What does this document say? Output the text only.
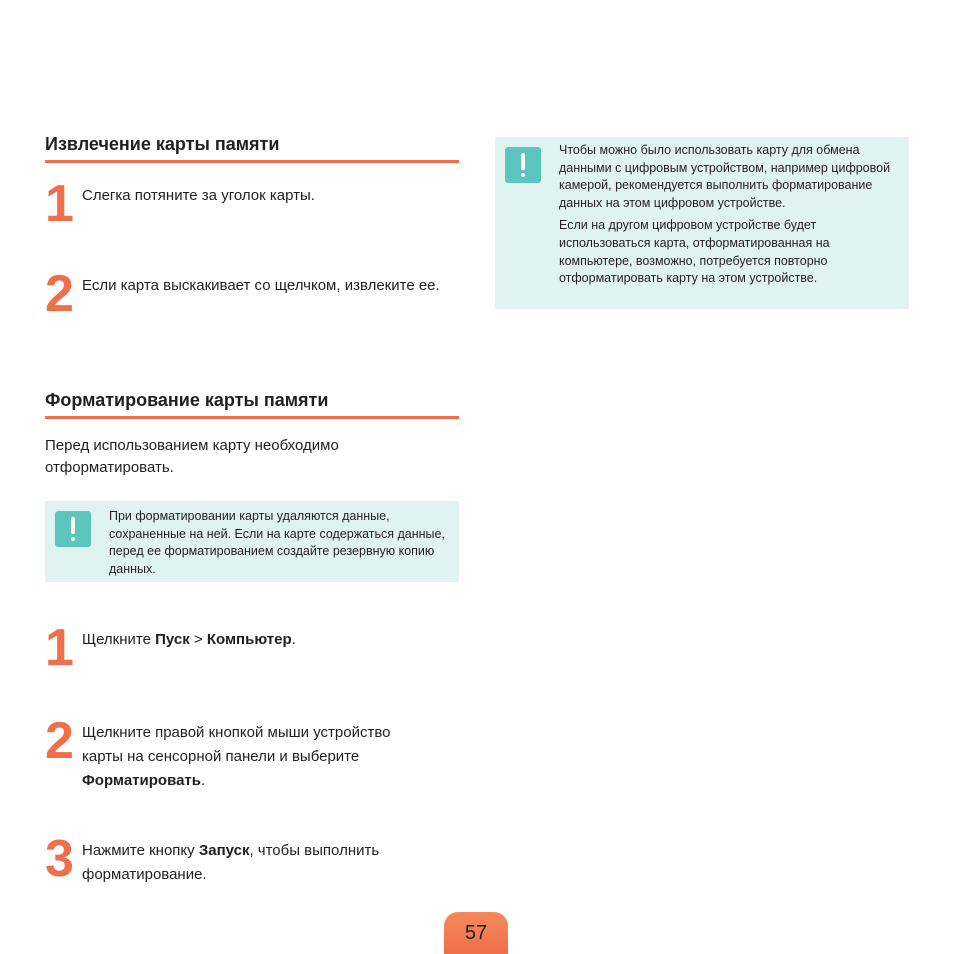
Извлечение карты памяти
1 Слегка потяните за уголок карты.
2 Если карта выскакивает со щелчком, извлеките ее.
Форматирование карты памяти
Перед использованием карту необходимо отформатировать.
При форматировании карты удаляются данные, сохраненные на ней. Если на карте содержаться данные, перед ее форматированием создайте резервную копию данных.
1 Щелкните Пуск > Компьютер.
2 Щелкните правой кнопкой мыши устройство карты на сенсорной панели и выберите Форматировать.
3 Нажмите кнопку Запуск, чтобы выполнить форматирование.

Чтобы можно было использовать карту для обмена данными с цифровым устройством, например цифровой камерой, рекомендуется выполнить форматирование данных на этом цифровом устройстве.

Если на другом цифровом устройстве будет использоваться карта, отформатированная на компьютере, возможно, потребуется повторно отформатировать карту на этом устройстве.

57
